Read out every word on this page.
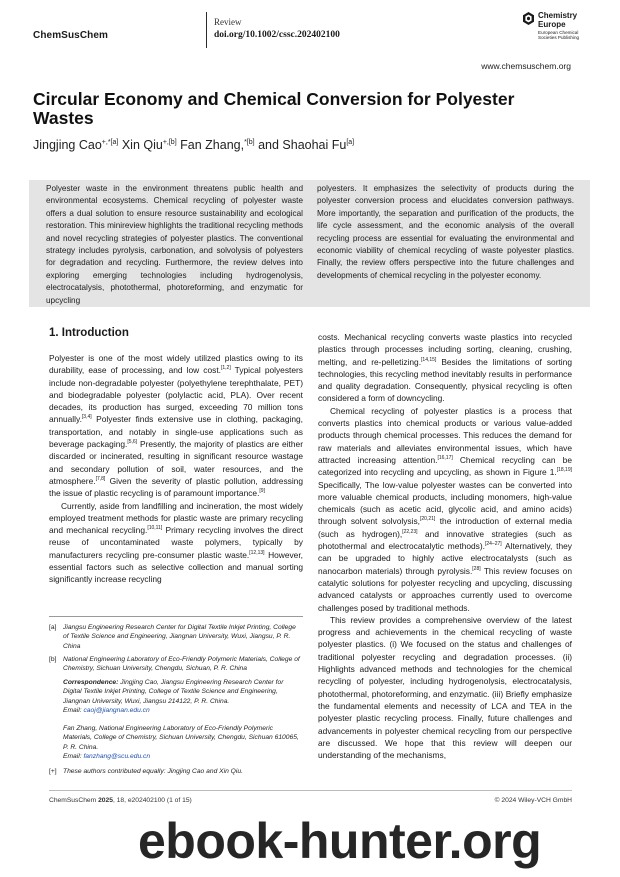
ChemSusChem
Review
doi.org/10.1002/cssc.202402100
Chemistry
Europe
European Chemical
Societies Publishing
www.chemsuschem.org
Circular Economy and Chemical Conversion for Polyester Wastes
Jingjing Cao$^{+,*[a]}$ Xin Qiu$^{+,[b]}$ Fan Zhang,$^{*[b]}$ and Shaohai Fu[a]
Polyester waste in the environment threatens public health and environmental ecosystems. Chemical recycling of polyester waste offers a dual solution to ensure resource sustainability and ecological restoration. This minireview highlights the traditional recycling methods and novel recycling strategies of polyester plastics. The conventional strategy includes pyrolysis, carbonation, and solvolysis of polyesters for degradation and recycling. Furthermore, the review delves into exploring emerging technologies including hydrogenolysis, electrocatalysis, photothermal, photoreforming, and enzymatic for upcycling
polyesters. It emphasizes the selectivity of products during the polyester conversion process and elucidates conversion pathways. More importantly, the separation and purification of the products, the life cycle assessment, and the economic analysis of the overall recycling process are essential for evaluating the environmental and economic viability of chemical recycling of waste polyester plastics. Finally, the review offers perspective into the future challenges and developments of chemical recycling in the polyester economy.
1. Introduction

Polyester is one of the most widely utilized plastics owing to its durability, ease of processing, and low cost.[1,2] Typical polyesters include non-degradable polyester (polyethylene terephthalate, PET) and biodegradable polyester (polylactic acid, PLA). Over recent decades, its production has surged, exceeding 70 million tons annually.[3,4] Polyester finds extensive use in clothing, packaging, transportation, and notably in single-use applications such as beverage packaging.[5,6] Presently, the majority of plastics are either discarded or incinerated, resulting in significant resource wastage and secondary pollution of soil, water resources, and the atmosphere.[7,8] Given the severity of plastic pollution, addressing the issue of plastic recycling is of paramount importance.[9]

Currently, aside from landfilling and incineration, the most widely employed treatment methods for plastic waste are primary recycling and mechanical recycling.[10,11] Primary recycling involves the direct reuse of uncontaminated waste polymers, typically by manufacturers recycling pre-consumer plastic waste.[12,13] However, essential factors such as selective collection and manual sorting significantly increase recycling

[a] Jiangsu Engineering Research Center for Digital Textile Inkjet Printing, College of Textile Science and Engineering, Jiangnan University, Wuxi, Jiangsu, P. R. China
[b] National Engineering Laboratory of Eco-Friendly Polymeric Materials, College of Chemistry, Sichuan University, Chengdu, Sichuan, P. R. China
Correspondence: Jingjing Cao, Jiangsu Engineering Research Center for Digital Textile Inkjet Printing, College of Textile Science and Engineering, Jiangnan University, Wuxi, Jiangsu 214122, P. R. China.
Email: caoj@jiangnan.edu.cn
Fan Zhang, National Engineering Laboratory of Eco-Friendly Polymeric Materials, College of Chemistry, Sichuan University, Chengdu, Sichuan 610065, P. R. China.
Email: fanzhang@scu.edu.cn
[+] These authors contributed equally: Jingjing Cao and Xin Qiu.

costs. Mechanical recycling converts waste plastics into recycled plastics through processes including sorting, cleaning, crushing, melting, and re-pelletizing.[14,15] Besides the limitations of sorting technologies, this recycling method inevitably results in performance and quality degradation. Consequently, physical recycling is often considered a form of downcycling.

Chemical recycling of polyester plastics is a process that converts plastics into chemical products or various value-added products through chemical processes. This reduces the demand for raw materials and alleviates environmental issues, which have attracted increasing attention.[16,17] Chemical recycling can be categorized into recycling and upcycling, as shown in Figure 1.[18,19] Specifically, The low-value polyester wastes can be converted into more valuable chemical products, including monomers, high-value chemicals (such as acetic acid, glycolic acid, and amino acids) through solvent solvolysis,[20,21] the introduction of external media (such as hydrogen),[22,23] and innovative strategies (such as photothermal and electrocatalytic methods).[24–27] Alternatively, they can be upgraded to highly active electrocatalysts (such as nanocarbon materials) through pyrolysis.[28] This review focuses on catalytic solutions for polyester recycling and upcycling, discussing advanced catalysts or approaches currently used to overcome challenges posed by traditional methods.

This review provides a comprehensive overview of the latest progress and achievements in the chemical recycling of waste polyester plastics. (i) We focused on the status and challenges of traditional polyester recycling and degradation processes. (ii) Highlights advanced methods and technologies for the chemical recycling of polyester, including hydrogenolysis, electrocatalysis, photothermal, photoreforming, and enzymatic. (iii) Briefly emphasize the fundamental elements and necessity of LCA and TEA in the polyester plastic recycling process. Finally, future challenges and advancements in polyester chemical recycling from our perspective are discussed. We hope that this review will deepen our understanding of the mechanisms,

ChemSusChem 2025, 18, e202402100 (1 of 15)	© 2024 Wiley-VCH GmbH
ebook-hunter.org
